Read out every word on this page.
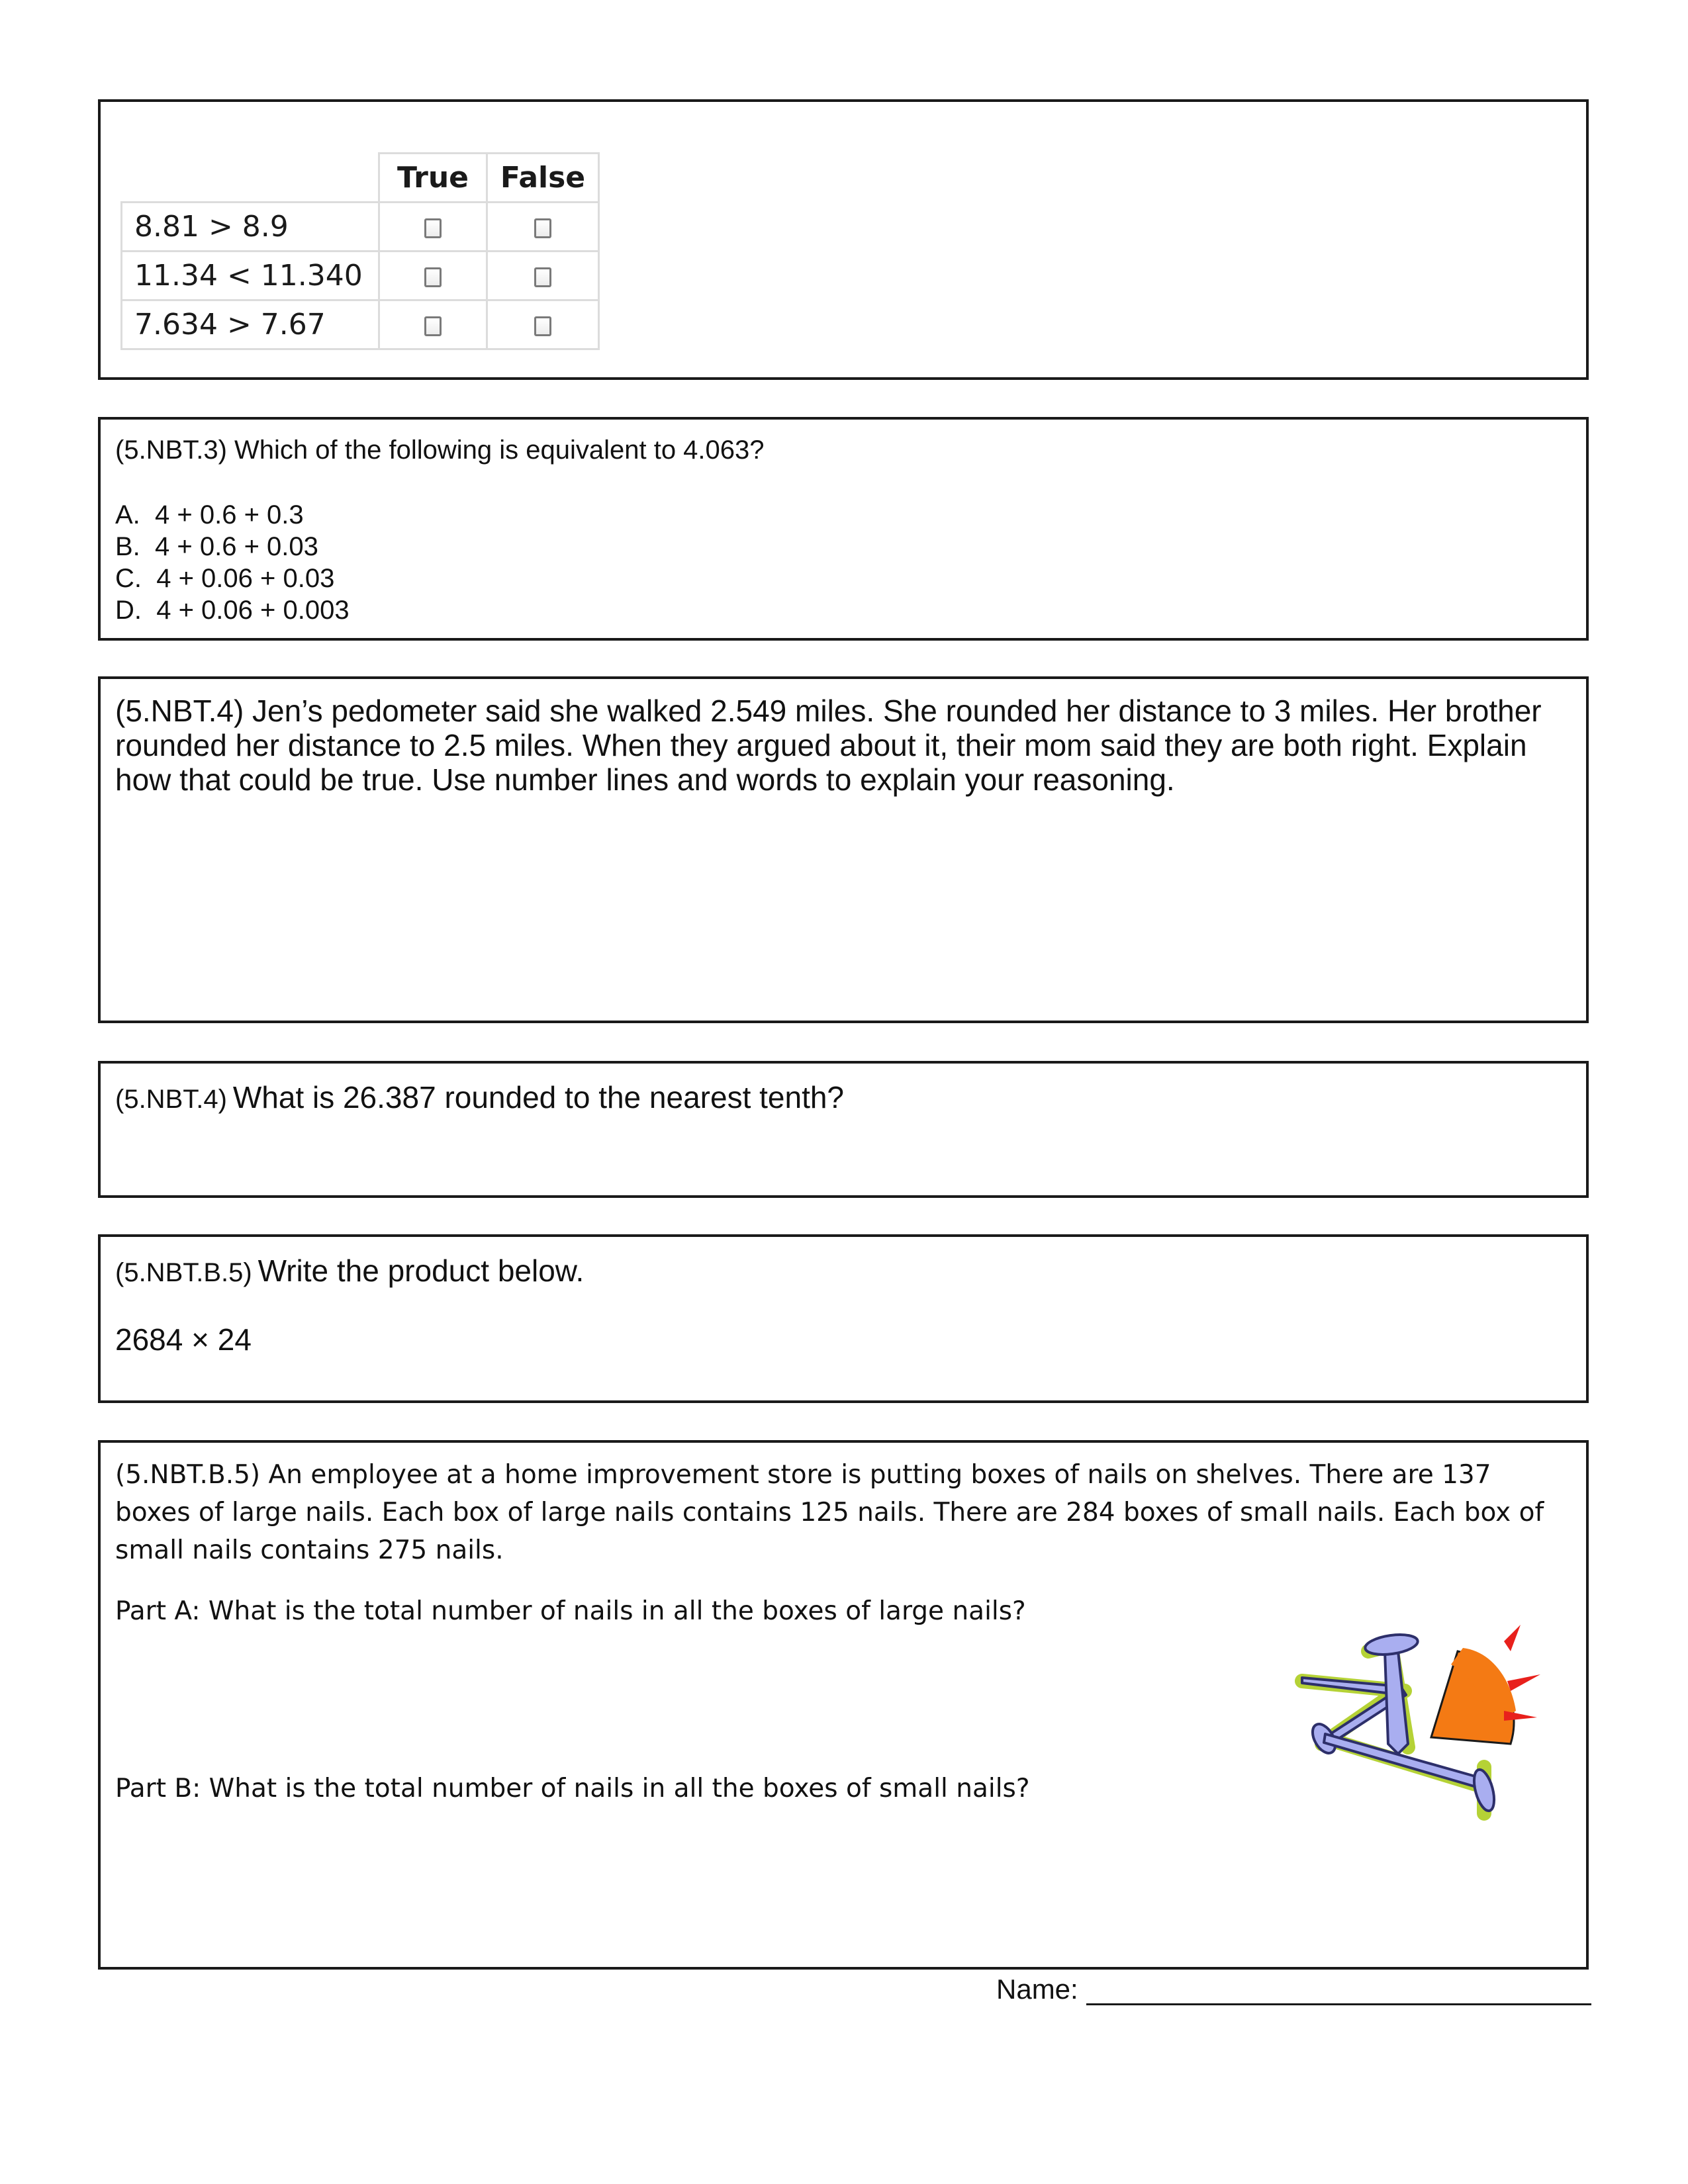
	True	False
8.81 > 8.9		
11.34 < 11.340		
7.634 > 7.67		
(5.NBT.3) Which of the following is equivalent to 4.063?
A.  4 + 0.6 + 0.3
B.  4 + 0.6 + 0.03
C.  4 + 0.06 + 0.03
D.  4 + 0.06 + 0.003
(5.NBT.4) Jen’s pedometer said she walked 2.549 miles. She rounded her distance to 3 miles. Her brother rounded her distance to 2.5 miles. When they argued about it, their mom said they are both right. Explain how that could be true. Use number lines and words to explain your reasoning.
(5.NBT.4) What is 26.387 rounded to the nearest tenth?
(5.NBT.B.5) Write the product below.
2684 × 24
(5.NBT.B.5) An employee at a home improvement store is putting boxes of nails on shelves. There are 137 boxes of large nails. Each box of large nails contains 125 nails. There are 284 boxes of small nails. Each box of small nails contains 275 nails.
Part A: What is the total number of nails in all the boxes of large nails?
Part B: What is the total number of nails in all the boxes of small nails?
Name:
